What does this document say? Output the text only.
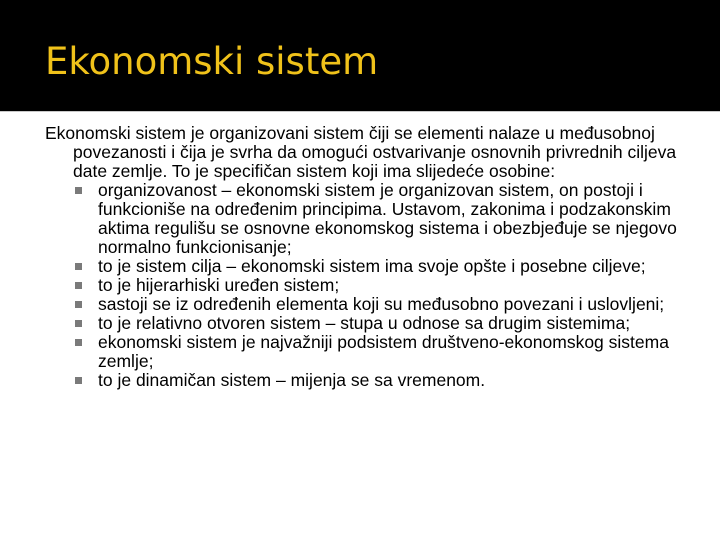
Ekonomski sistem

Ekonomski sistem je organizovani sistem čiji se elementi nalaze u međusobnoj povezanosti i čija je svrha da omogući ostvarivanje osnovnih privrednih ciljeva date zemlje. To je specifičan sistem koji ima slijedeće osobine:

organizovanost – ekonomski sistem je organizovan sistem, on postoji i funkcioniše na određenim principima. Ustavom, zakonima i podzakonskim aktima regulišu se osnovne ekonomskog sistema i obezbjeđuje se njegovo normalno funkcionisanje;
to je sistem cilja – ekonomski sistem ima svoje opšte i posebne ciljeve;
to je hijerarhiski uređen sistem;
sastoji se iz određenih elementa koji su međusobno povezani i uslovljeni;
to je relativno otvoren sistem – stupa u odnose sa drugim sistemima;
ekonomski sistem je najvažniji podsistem društveno-ekonomskog sistema zemlje;
to je dinamičan sistem – mijenja se sa vremenom.
